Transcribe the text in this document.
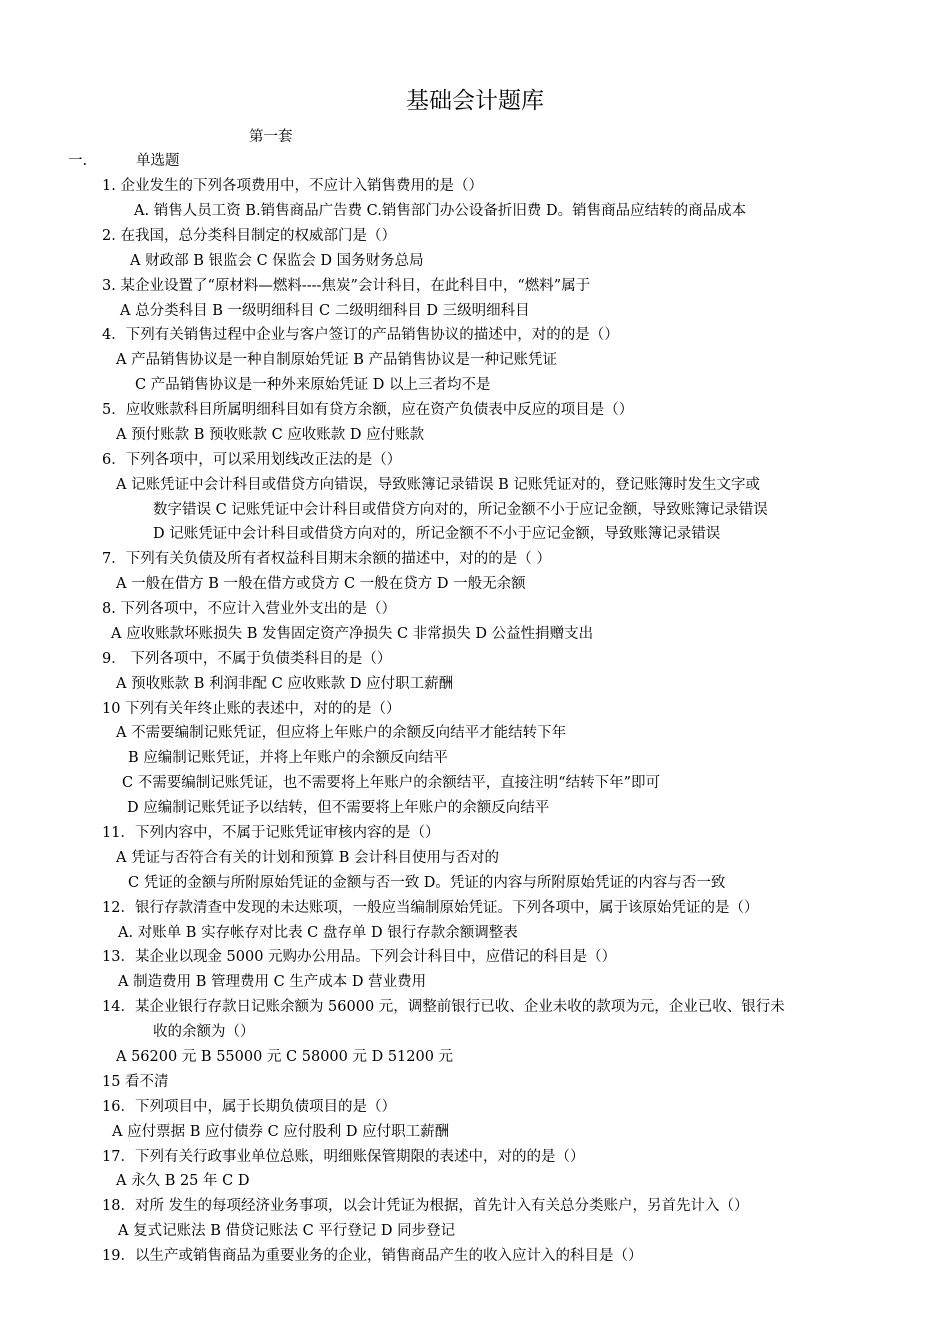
基础会计题库
第一套
一.	单选题
1. 企业发生的下列各项费用中，不应计入销售费用的是（）
A. 销售人员工资 B.销售商品广告费 C.销售部门办公设备折旧费 D。销售商品应结转的商品成本
2. 在我国，总分类科目制定的权威部门是（）
A 财政部 B 银监会 C 保监会 D 国务财务总局
3. 某企业设置了“原材料—燃料----焦炭”会计科目，在此科目中，“燃料”属于
A 总分类科目 B 一级明细科目 C 二级明细科目 D 三级明细科目
4．下列有关销售过程中企业与客户签订的产品销售协议的描述中，对的的是（）
A 产品销售协议是一种自制原始凭证 B 产品销售协议是一种记账凭证
C 产品销售协议是一种外来原始凭证 D 以上三者均不是
5．应收账款科目所属明细科目如有贷方余额，应在资产负债表中反应的项目是（）
A 预付账款 B 预收账款 C 应收账款 D 应付账款
6．下列各项中，可以采用划线改正法的是（）
A 记账凭证中会计科目或借贷方向错误，导致账簿记录错误 B 记账凭证对的，登记账簿时发生文字或
数字错误 C 记账凭证中会计科目或借贷方向对的，所记金额不小于应记金额，导致账簿记录错误
D 记账凭证中会计科目或借贷方向对的，所记金额不不小于应记金额，导致账簿记录错误
7．下列有关负债及所有者权益科目期末余额的描述中，对的的是（ ）
A 一般在借方 B 一般在借方或贷方 C 一般在贷方 D 一般无余额
8. 下列各项中，不应计入营业外支出的是（）
A 应收账款坏账损失 B 发售固定资产净损失 C 非常损失 D 公益性捐赠支出
9． 下列各项中，不属于负债类科目的是（）
A 预收账款 B 利润非配 C 应收账款 D 应付职工薪酬
10 下列有关年终止账的表述中，对的的是（）
A 不需要编制记账凭证，但应将上年账户的余额反向结平才能结转下年
B 应编制记账凭证，并将上年账户的余额反向结平
C 不需要编制记账凭证，也不需要将上年账户的余额结平，直接注明“结转下年”即可
D 应编制记账凭证予以结转，但不需要将上年账户的余额反向结平
11．下列内容中，不属于记账凭证审核内容的是（）
A 凭证与否符合有关的计划和预算 B 会计科目使用与否对的
C 凭证的金额与所附原始凭证的金额与否一致 D。凭证的内容与所附原始凭证的内容与否一致
12．银行存款清查中发现的未达账项，一般应当编制原始凭证。下列各项中，属于该原始凭证的是（）
A. 对账单 B 实存帐存对比表 C 盘存单 D 银行存款余额调整表
13．某企业以现金 5000 元购办公用品。下列会计科目中，应借记的科目是（）
A 制造费用 B 管理费用 C 生产成本 D 营业费用
14．某企业银行存款日记账余额为 56000 元，调整前银行已收、企业未收的款项为元，企业已收、银行未
收的余额为（）
A 56200 元 B 55000 元 C 58000 元 D 51200 元
15 看不清
16．下列项目中，属于长期负债项目的是（）
A 应付票据 B 应付债券 C 应付股利 D 应付职工薪酬
17．下列有关行政事业单位总账，明细账保管期限的表述中，对的的是（）
A 永久 B 25 年 C D
18．对所 发生的每项经济业务事项，以会计凭证为根据，首先计入有关总分类账户，另首先计入（）
A 复式记账法 B 借贷记账法 C 平行登记 D 同步登记
19．以生产或销售商品为重要业务的企业，销售商品产生的收入应计入的科目是（）
